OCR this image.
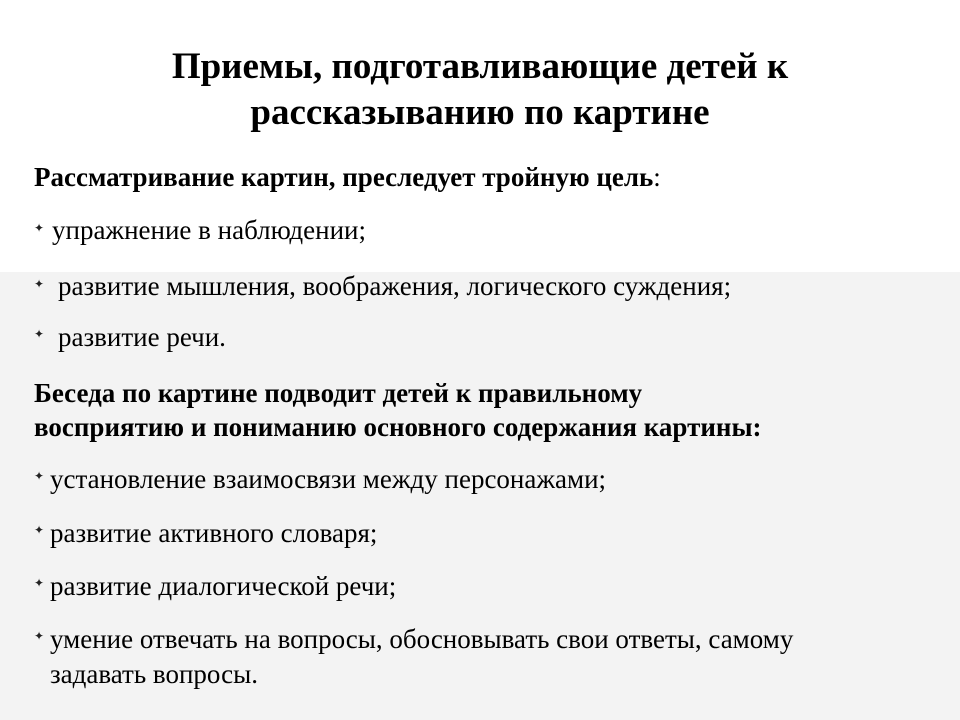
Приемы, подготавливающие детей к
рассказыванию по картине

Рассматривание картин, преследует тройную цель:

✦ упражнение в наблюдении;

✦ развитие мышления, воображения, логического суждения;

✦ развитие речи.

Беседа по картине подводит детей к правильному
восприятию и пониманию основного содержания картины:

✦ установление взаимосвязи между персонажами;

✦ развитие активного словаря;

✦ развитие диалогической речи;

✦ умение отвечать на вопросы, обосновывать свои ответы, самому

задавать вопросы.
